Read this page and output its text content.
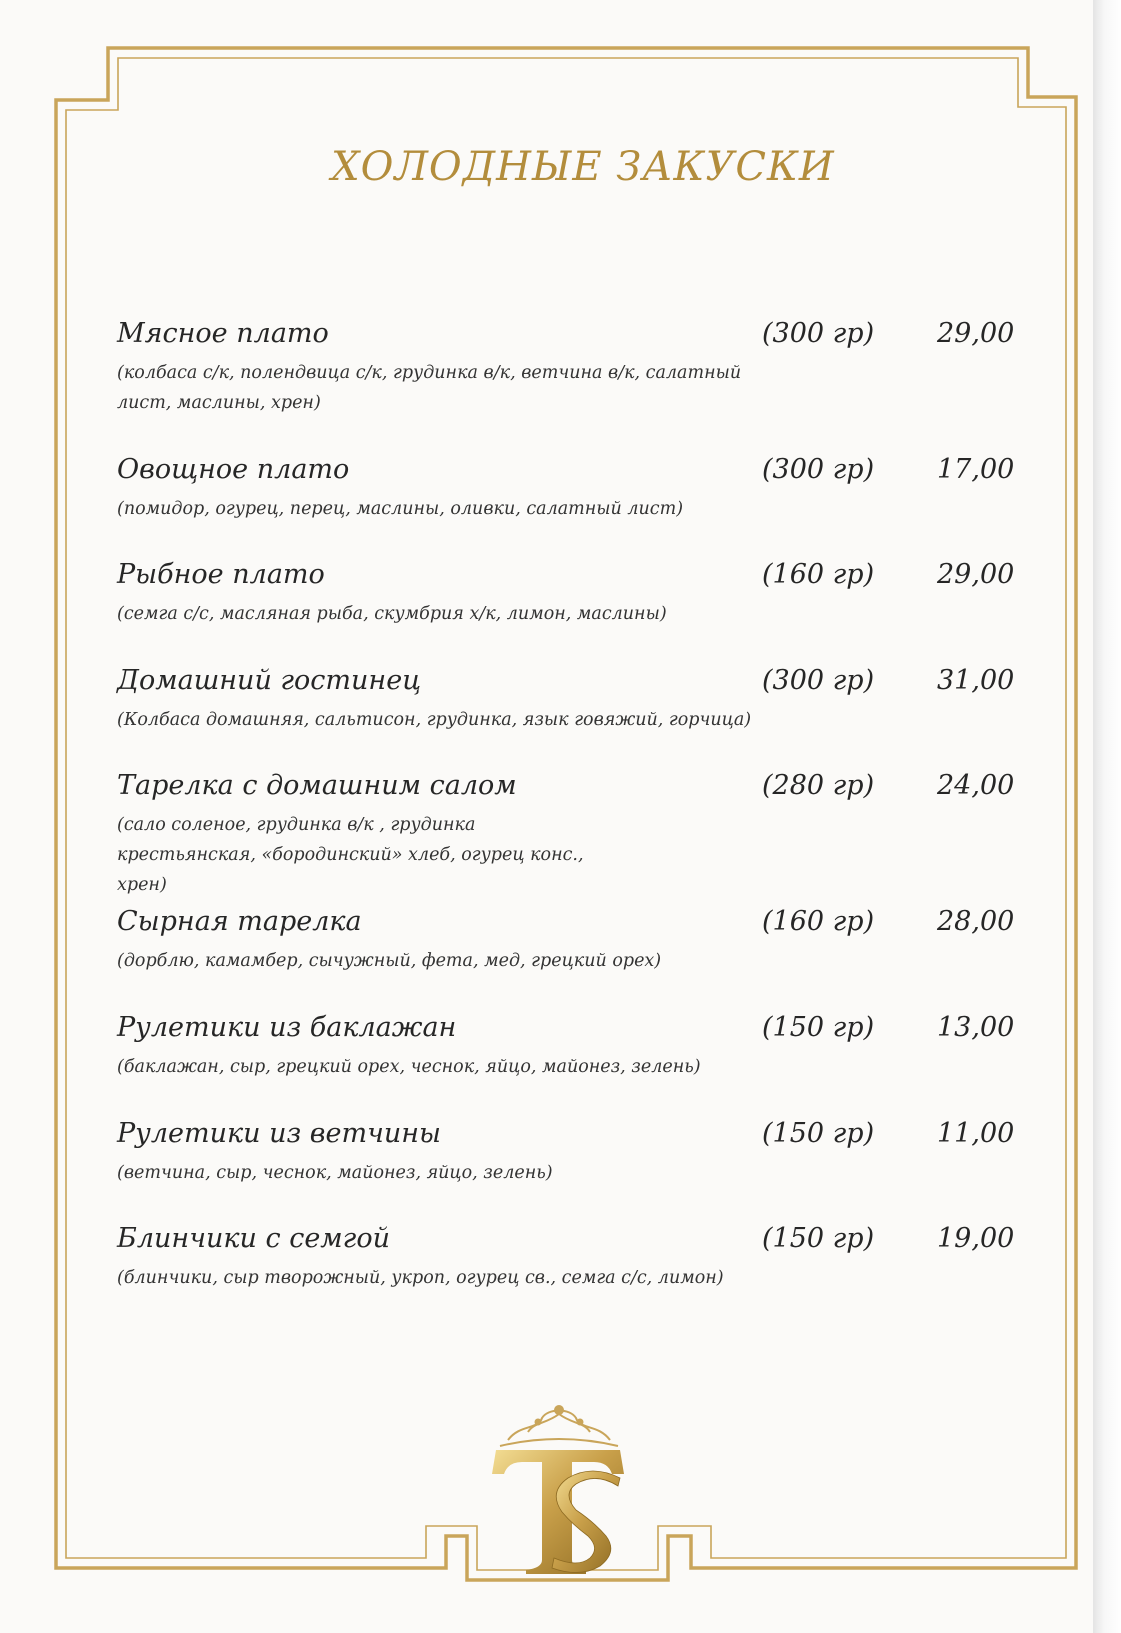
ХОЛОДНЫЕ ЗАКУСКИ
Мясное плато	(300 гр) 29,00
(колбаса с/к, полендвица с/к, грудинка в/к, ветчина в/к, салатный лист, маслины, хрен)
Овощное плато	(300 гр) 17,00
(помидор, огурец, перец, маслины, оливки, салатный лист)
Рыбное плато	(160 гр) 29,00
(семга с/с, масляная рыба, скумбрия х/к, лимон, маслины)
Домашний гостинец	(300 гр) 31,00
(Колбаса домашняя, сальтисон, грудинка, язык говяжий, горчица)
Тарелка с домашним салом	(280 гр) 24,00
(сало соленое, грудинка в/к , грудинка крестьянская, «бородинский» хлеб, огурец конс., хрен)
Сырная тарелка	(160 гр) 28,00
(дорблю, камамбер, сычужный, фета, мед, грецкий орех)
Рулетики из баклажан	(150 гр) 13,00
(баклажан, сыр, грецкий орех, чеснок, яйцо, майонез, зелень)
Рулетики из ветчины	(150 гр) 11,00
(ветчина, сыр, чеснок, майонез, яйцо, зелень)
Блинчики с семгой	(150 гр) 19,00
(блинчики, сыр творожный, укроп, огурец св., семга с/с, лимон)
TS
